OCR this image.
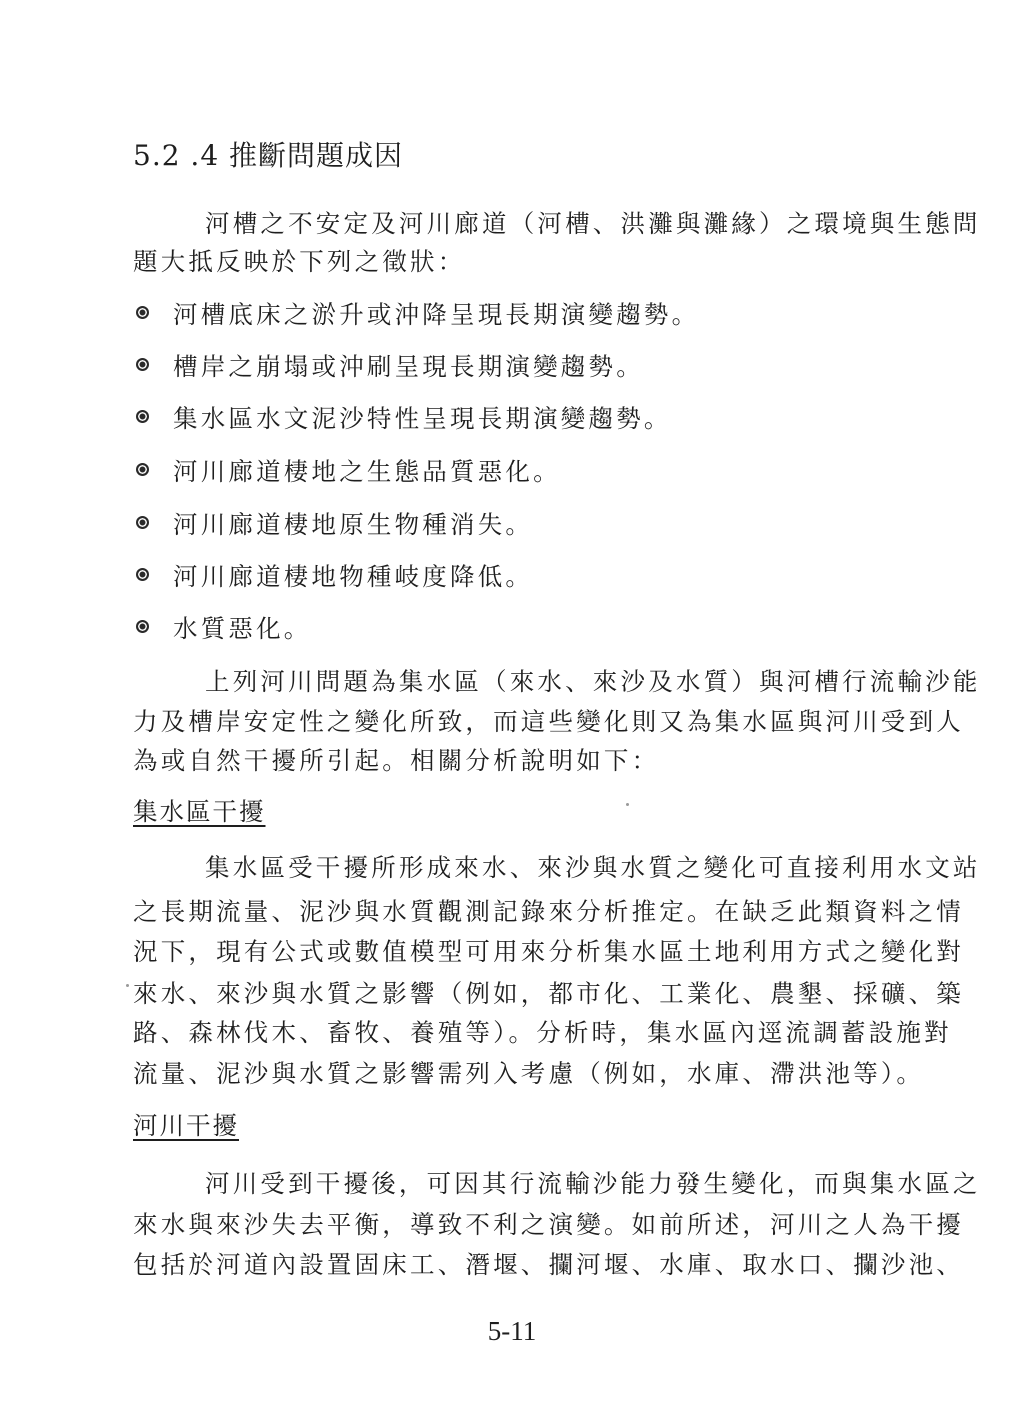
5.2 .4 推斷問題成因
河槽之不安定及河川廊道（河槽、洪灘與灘緣）之環境與生態問
題大抵反映於下列之徵狀：
河槽底床之淤升或沖降呈現長期演變趨勢。
槽岸之崩塌或沖刷呈現長期演變趨勢。
集水區水文泥沙特性呈現長期演變趨勢。
河川廊道棲地之生態品質惡化。
河川廊道棲地原生物種消失。
河川廊道棲地物種岐度降低。
水質惡化。
上列河川問題為集水區（來水、來沙及水質）與河槽行流輸沙能
力及槽岸安定性之變化所致，而這些變化則又為集水區與河川受到人
為或自然干擾所引起。相關分析說明如下：
集水區干擾
集水區受干擾所形成來水、來沙與水質之變化可直接利用水文站
之長期流量、泥沙與水質觀測記錄來分析推定。在缺乏此類資料之情
況下，現有公式或數值模型可用來分析集水區土地利用方式之變化對
來水、來沙與水質之影響（例如，都市化、工業化、農墾、採礦、築
路、森林伐木、畜牧、養殖等）。分析時，集水區內逕流調蓄設施對
流量、泥沙與水質之影響需列入考慮（例如，水庫、滯洪池等）。
河川干擾
河川受到干擾後，可因其行流輸沙能力發生變化，而與集水區之
來水與來沙失去平衡，導致不利之演變。如前所述，河川之人為干擾
包括於河道內設置固床工、潛堰、攔河堰、水庫、取水口、攔沙池、
5-11
